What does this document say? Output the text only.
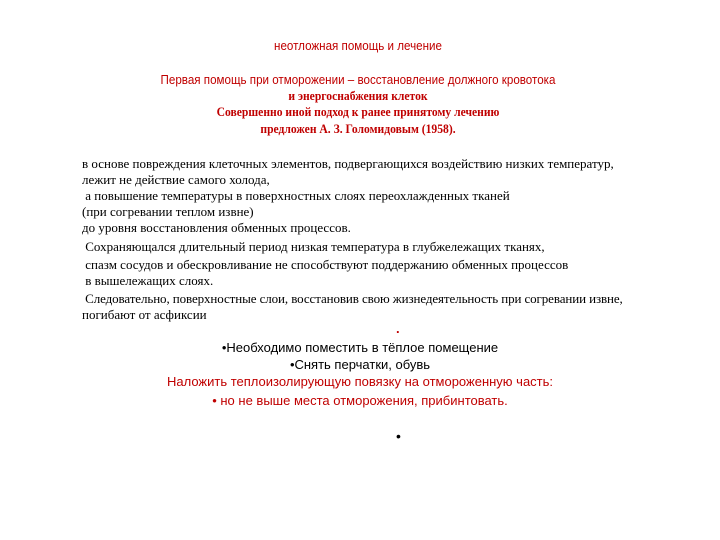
неотложная помощь и лечение
Первая помощь при отморожении – восстановление должного кровотока
и энергоснабжения клеток
Совершенно иной подход к ранее принятому лечению
предложен А. З. Голомидовым (1958).
в основе повреждения клеточных элементов, подвергающихся воздействию низких температур,
лежит не действие самого холода,
а повышение температуры в поверхностных слоях переохлажденных тканей
(при согревании теплом извне)
до уровня восстановления обменных процессов.
Сохраняющался длительный период низкая температура в глубжележащих тканях,
спазм сосудов и обескровливание не способствуют поддержанию обменных процессов
в вышележащих слоях.
Следовательно, поверхностные слои, восстановив свою жизнедеятельность при согревании извне,
погибают от асфиксии
.
•Необходимо поместить в тёплое помещение
•Снять перчатки, обувь
Наложить теплоизолирующую повязку на отмороженную часть:
• но не выше места отморожения, прибинтовать.
•
